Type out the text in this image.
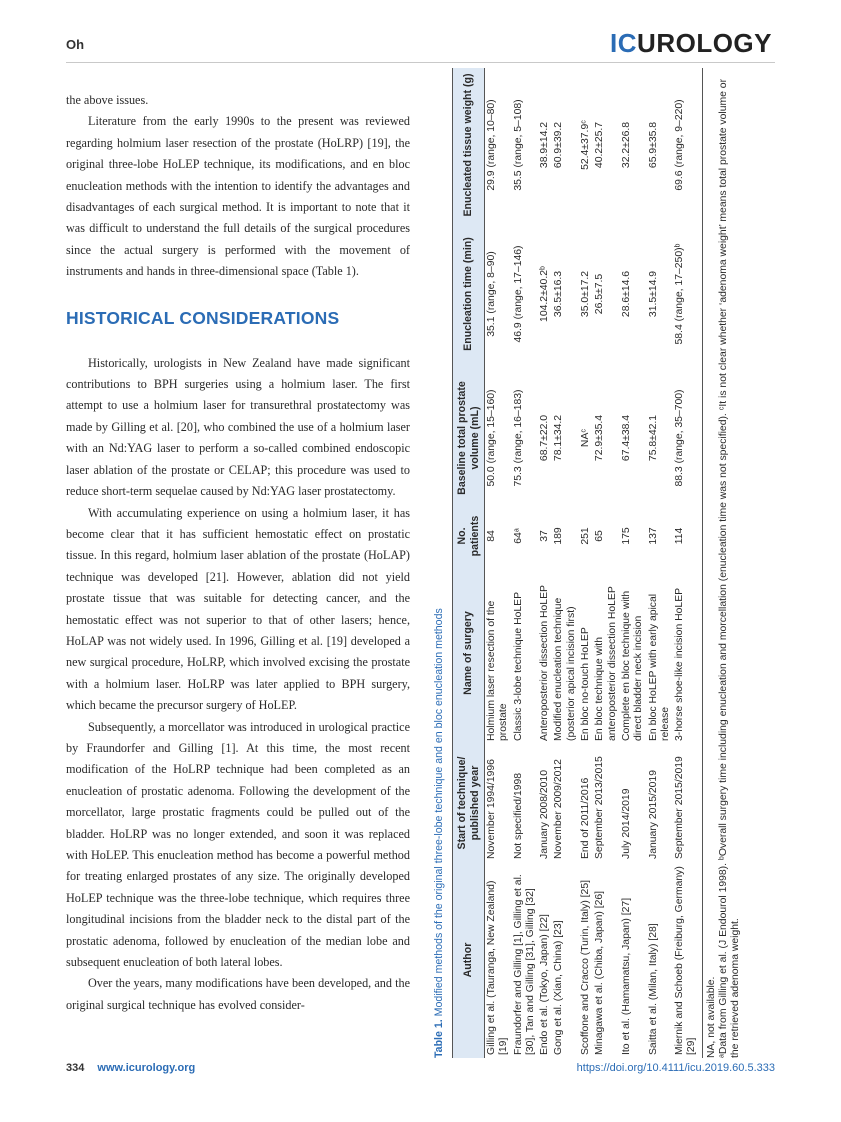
Oh	ICUROLOGY

the above issues.

Literature from the early 1990s to the present was reviewed regarding holmium laser resection of the prostate (HoLRP) [19], the original three-lobe HoLEP technique, its modifications, and en bloc enucleation methods with the intention to identify the advantages and disadvantages of each surgical method. It is important to note that it was difficult to understand the full details of the surgical procedures since the actual surgery is performed with the movement of instruments and hands in three-dimensional space (Table 1).

HISTORICAL CONSIDERATIONS

Historically, urologists in New Zealand have made significant contributions to BPH surgeries using a holmium laser. The first attempt to use a holmium laser for transurethral prostatectomy was made by Gilling et al. [20], who combined the use of a holmium laser with an Nd:YAG laser to perform a so-called combined endoscopic laser ablation of the prostate or CELAP; this procedure was used to reduce short-term sequelae caused by Nd:YAG laser prostatectomy.

With accumulating experience on using a holmium laser, it has become clear that it has sufficient hemostatic effect on prostatic tissue. In this regard, holmium laser ablation of the prostate (HoLAP) technique was developed [21]. However, ablation did not yield prostate tissue that was suitable for detecting cancer, and the hemostatic effect was not superior to that of other lasers; hence, HoLAP was not widely used. In 1996, Gilling et al. [19] developed a new surgical procedure, HoLRP, which involved excising the prostate with a holmium laser. HoLRP was later applied to BPH surgery, which became the precursor surgery of HoLEP.

Subsequently, a morcellator was introduced in urological practice by Fraundorfer and Gilling [1]. At this time, the most recent modification of the HoLRP technique had been completed as an enucleation of prostatic adenoma. Following the development of the morcellator, large prostatic fragments could be pulled out of the bladder. HoLRP was no longer extended, and soon it was replaced with HoLEP. This enucleation method has become a powerful method for treating enlarged prostates of any size. The originally developed HoLEP technique was the three-lobe technique, which requires three longitudinal incisions from the bladder neck to the distal part of the prostatic adenoma, followed by enucleation of the median lobe and subsequent enucleation of both lateral lobes.

Over the years, many modifications have been developed, and the original surgical technique has evolved consider-

Table 1. Modified methods of the original three-lobe technique and en bloc enucleation methods Author	Start of technique/ published year	Name of surgery	No. patients	Baseline total prostate volume (mL)	Enucleation time (min)	Enucleated tissue weight (g)
Gilling et al. (Tauranga, New Zealand) [19]	November 1994/1996	Holmium laser resection of the prostate	84	50.0 (range, 15–160)	35.1 (range, 8–90)	29.9 (range, 10–80)
Fraundorfer and Gilling [1], Gilling et al. [30], Tan and Gilling [31], Gilling [32]	Not specified/1998	Classic 3-lobe technique HoLEP	64ᵃ	75.3 (range, 16–183)	46.9 (range, 17–146)	35.5 (range, 5–108)
Endo et al. (Tokyo, Japan) [22]	January 2008/2010	Anteroposterior dissection HoLEP	37	68.7±22.0	104.2±40.2ᵇ	38.9±14.2
Gong et al. (Xian, China) [23]	November 2009/2012	Modified enucleation technique (posterior apical incision first)	189	78.1±34.2	36.5±16.3	60.9±39.2
Scoffone and Cracco (Turin, Italy) [25]	End of 2011/2016	En bloc no-touch HoLEP	251	NAᶜ	35.0±17.2	52.4±37.9ᶜ
Minagawa et al. (Chiba, Japan) [26]	September 2013/2015	En bloc technique with anteroposterior dissection HoLEP	65	72.9±35.4	26.5±7.5	40.2±25.7
Ito et al. (Hamamatsu, Japan) [27]	July 2014/2019	Complete en bloc technique with direct bladder neck incision	175	67.4±38.4	28.6±14.6	32.2±26.8
Saitta et al. (Milan, Italy) [28]	January 2015/2019	En bloc HoLEP with early apical release	137	75.8±42.1	31.5±14.9	65.9±35.8
Miernik and Schoeb (Freiburg, Germany) [29]	September 2015/2019	3-horse shoe-like incision HoLEP	114	88.3 (range, 35–700)	58.4 (range, 17–250)ᵇ	69.6 (range, 9–220)
NA, not available. ᵃData from Gilling et al. (J Endourol 1998). ᵇOverall surgery time including enucleation and morcellation (enucleation time was not specified). ᶜIt is not clear whether ‘adenoma weight’ means total prostate volume or the retrieved adenoma weight.
334 www.icurology.org	https://doi.org/10.4111/icu.2019.60.5.333
